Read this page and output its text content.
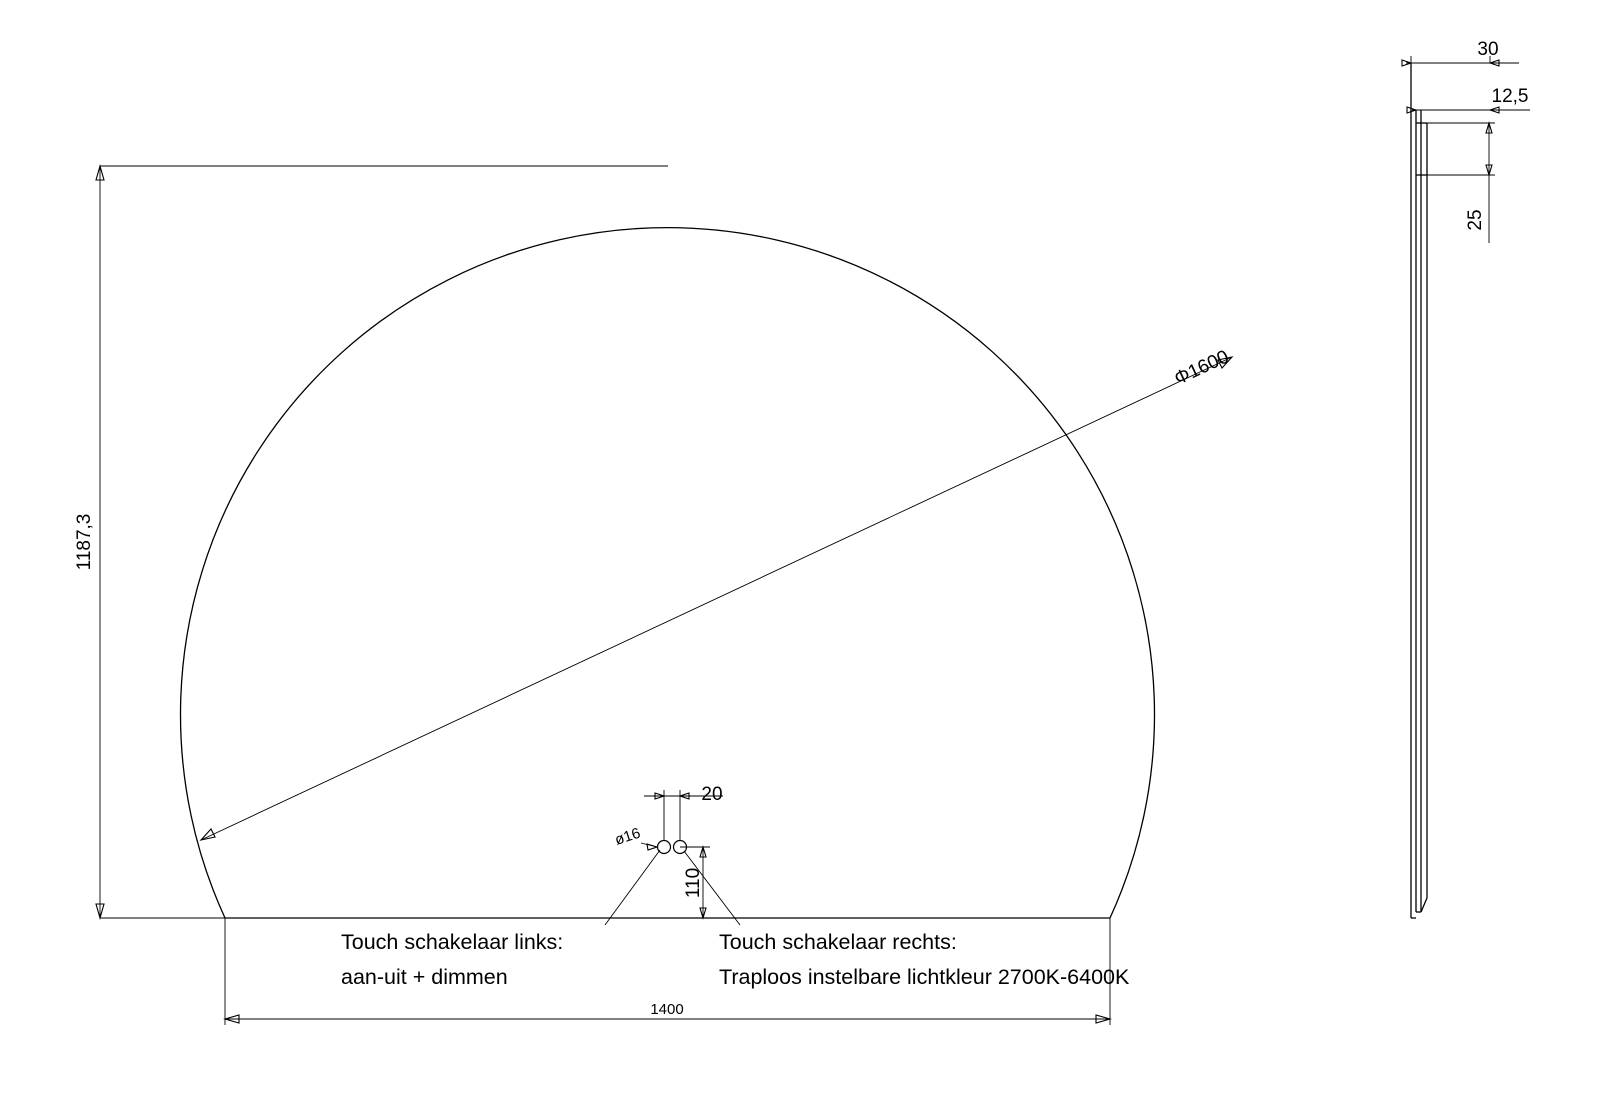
1187,3
1400
Φ1600
20
ø16
110
Touch schakelaar links:
aan-uit + dimmen
Touch schakelaar rechts:
Traploos instelbare lichtkleur 2700K-6400K
30
12,5
25
